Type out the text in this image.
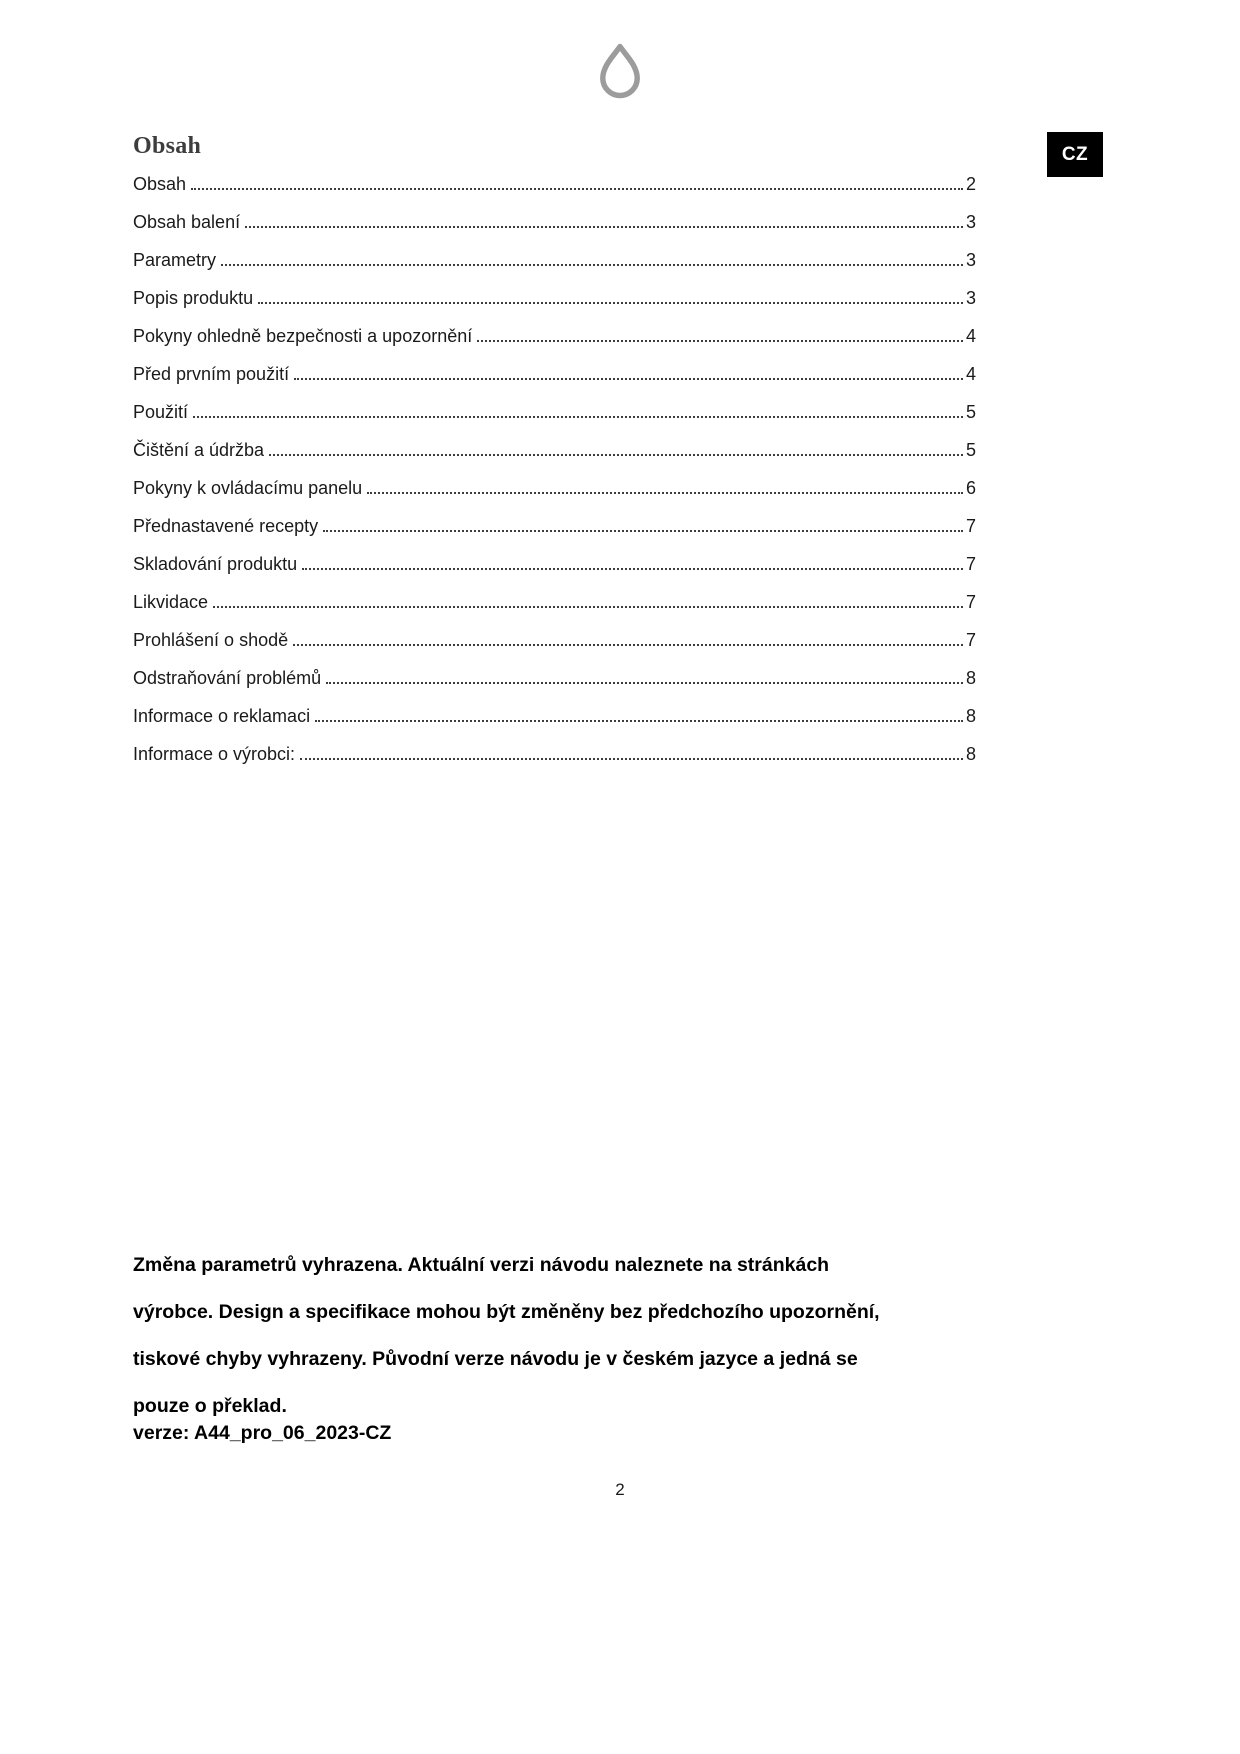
CZ
Obsah
Obsah	2
Obsah balení	3
Parametry	3
Popis produktu	3
Pokyny ohledně bezpečnosti a upozornění	4
Před prvním použití	4
Použití	5
Čištění a údržba	5
Pokyny k ovládacímu panelu	6
Přednastavené recepty	7
Skladování produktu	7
Likvidace	7
Prohlášení o shodě	7
Odstraňování problémů	8
Informace o reklamaci	8
Informace o výrobci:	8

Změna parametrů vyhrazena. Aktuální verzi návodu naleznete na stránkách výrobce. Design a specifikace mohou být změněny bez předchozího upozornění, tiskové chyby vyhrazeny. Původní verze návodu je v českém jazyce a jedná se pouze o překlad.

verze: A44_pro_06_2023-CZ

2
